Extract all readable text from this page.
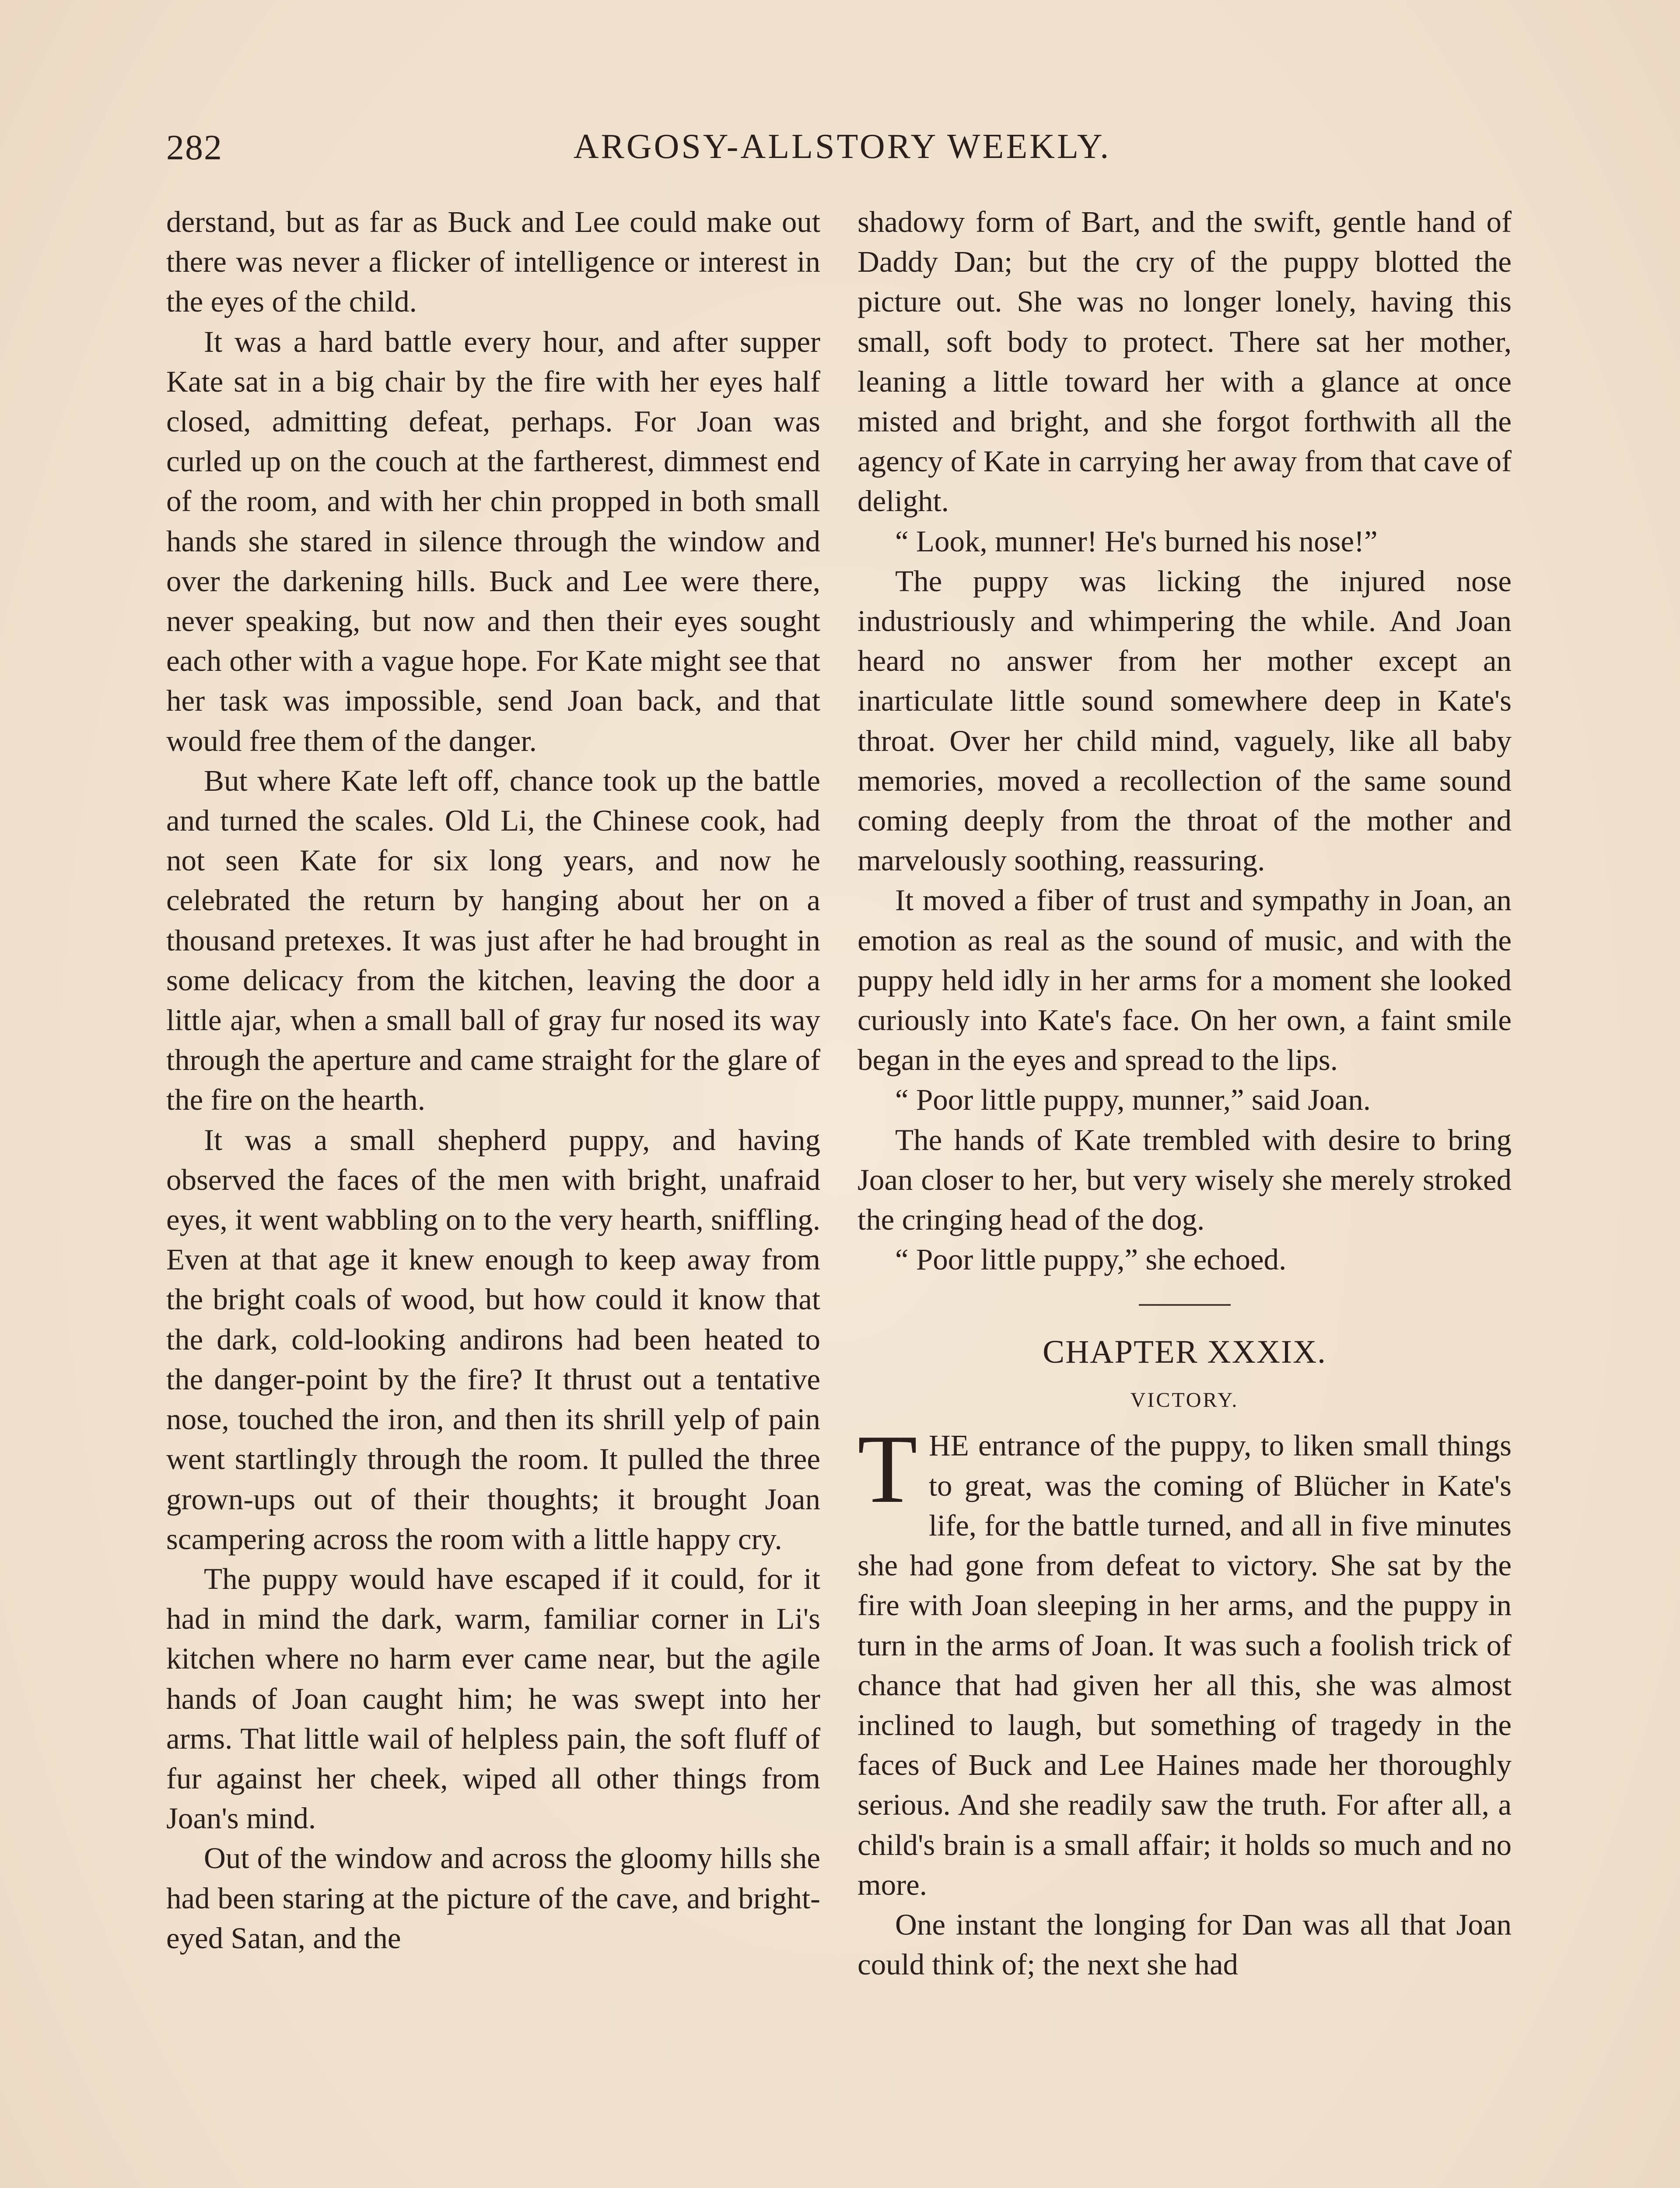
282	ARGOSY-ALLSTORY WEEKLY.

derstand, but as far as Buck and Lee could make out there was never a flicker of intelligence or interest in the eyes of the child.

It was a hard battle every hour, and after supper Kate sat in a big chair by the fire with her eyes half closed, admitting defeat, perhaps. For Joan was curled up on the couch at the fartherest, dimmest end of the room, and with her chin propped in both small hands she stared in silence through the window and over the darkening hills. Buck and Lee were there, never speaking, but now and then their eyes sought each other with a vague hope. For Kate might see that her task was impossible, send Joan back, and that would free them of the danger.

But where Kate left off, chance took up the battle and turned the scales. Old Li, the Chinese cook, had not seen Kate for six long years, and now he celebrated the return by hanging about her on a thousand pretexes. It was just after he had brought in some delicacy from the kitchen, leaving the door a little ajar, when a small ball of gray fur nosed its way through the aperture and came straight for the glare of the fire on the hearth.

It was a small shepherd puppy, and having observed the faces of the men with bright, unafraid eyes, it went wabbling on to the very hearth, sniffling. Even at that age it knew enough to keep away from the bright coals of wood, but how could it know that the dark, cold-looking andirons had been heated to the danger-point by the fire? It thrust out a tentative nose, touched the iron, and then its shrill yelp of pain went startlingly through the room. It pulled the three grown-ups out of their thoughts; it brought Joan scampering across the room with a little happy cry.

The puppy would have escaped if it could, for it had in mind the dark, warm, familiar corner in Li's kitchen where no harm ever came near, but the agile hands of Joan caught him; he was swept into her arms. That little wail of helpless pain, the soft fluff of fur against her cheek, wiped all other things from Joan's mind.

Out of the window and across the gloomy hills she had been staring at the picture of the cave, and bright-eyed Satan, and the

shadowy form of Bart, and the swift, gentle hand of Daddy Dan; but the cry of the puppy blotted the picture out. She was no longer lonely, having this small, soft body to protect. There sat her mother, leaning a little toward her with a glance at once misted and bright, and she forgot forthwith all the agency of Kate in carrying her away from that cave of delight.

“ Look, munner! He's burned his nose!”

The puppy was licking the injured nose industriously and whimpering the while. And Joan heard no answer from her mother except an inarticulate little sound somewhere deep in Kate's throat. Over her child mind, vaguely, like all baby memories, moved a recollection of the same sound coming deeply from the throat of the mother and marvelously soothing, reassuring.

It moved a fiber of trust and sympathy in Joan, an emotion as real as the sound of music, and with the puppy held idly in her arms for a moment she looked curiously into Kate's face. On her own, a faint smile began in the eyes and spread to the lips.

“ Poor little puppy, munner,” said Joan.

The hands of Kate trembled with desire to bring Joan closer to her, but very wisely she merely stroked the cringing head of the dog.

“ Poor little puppy,” she echoed.

CHAPTER XXXIX.
VICTORY.

THE entrance of the puppy, to liken small things to great, was the coming of Blücher in Kate's life, for the battle turned, and all in five minutes she had gone from defeat to victory. She sat by the fire with Joan sleeping in her arms, and the puppy in turn in the arms of Joan. It was such a foolish trick of chance that had given her all this, she was almost inclined to laugh, but something of tragedy in the faces of Buck and Lee Haines made her thoroughly serious. And she readily saw the truth. For after all, a child's brain is a small affair; it holds so much and no more.

One instant the longing for Dan was all that Joan could think of; the next she had
